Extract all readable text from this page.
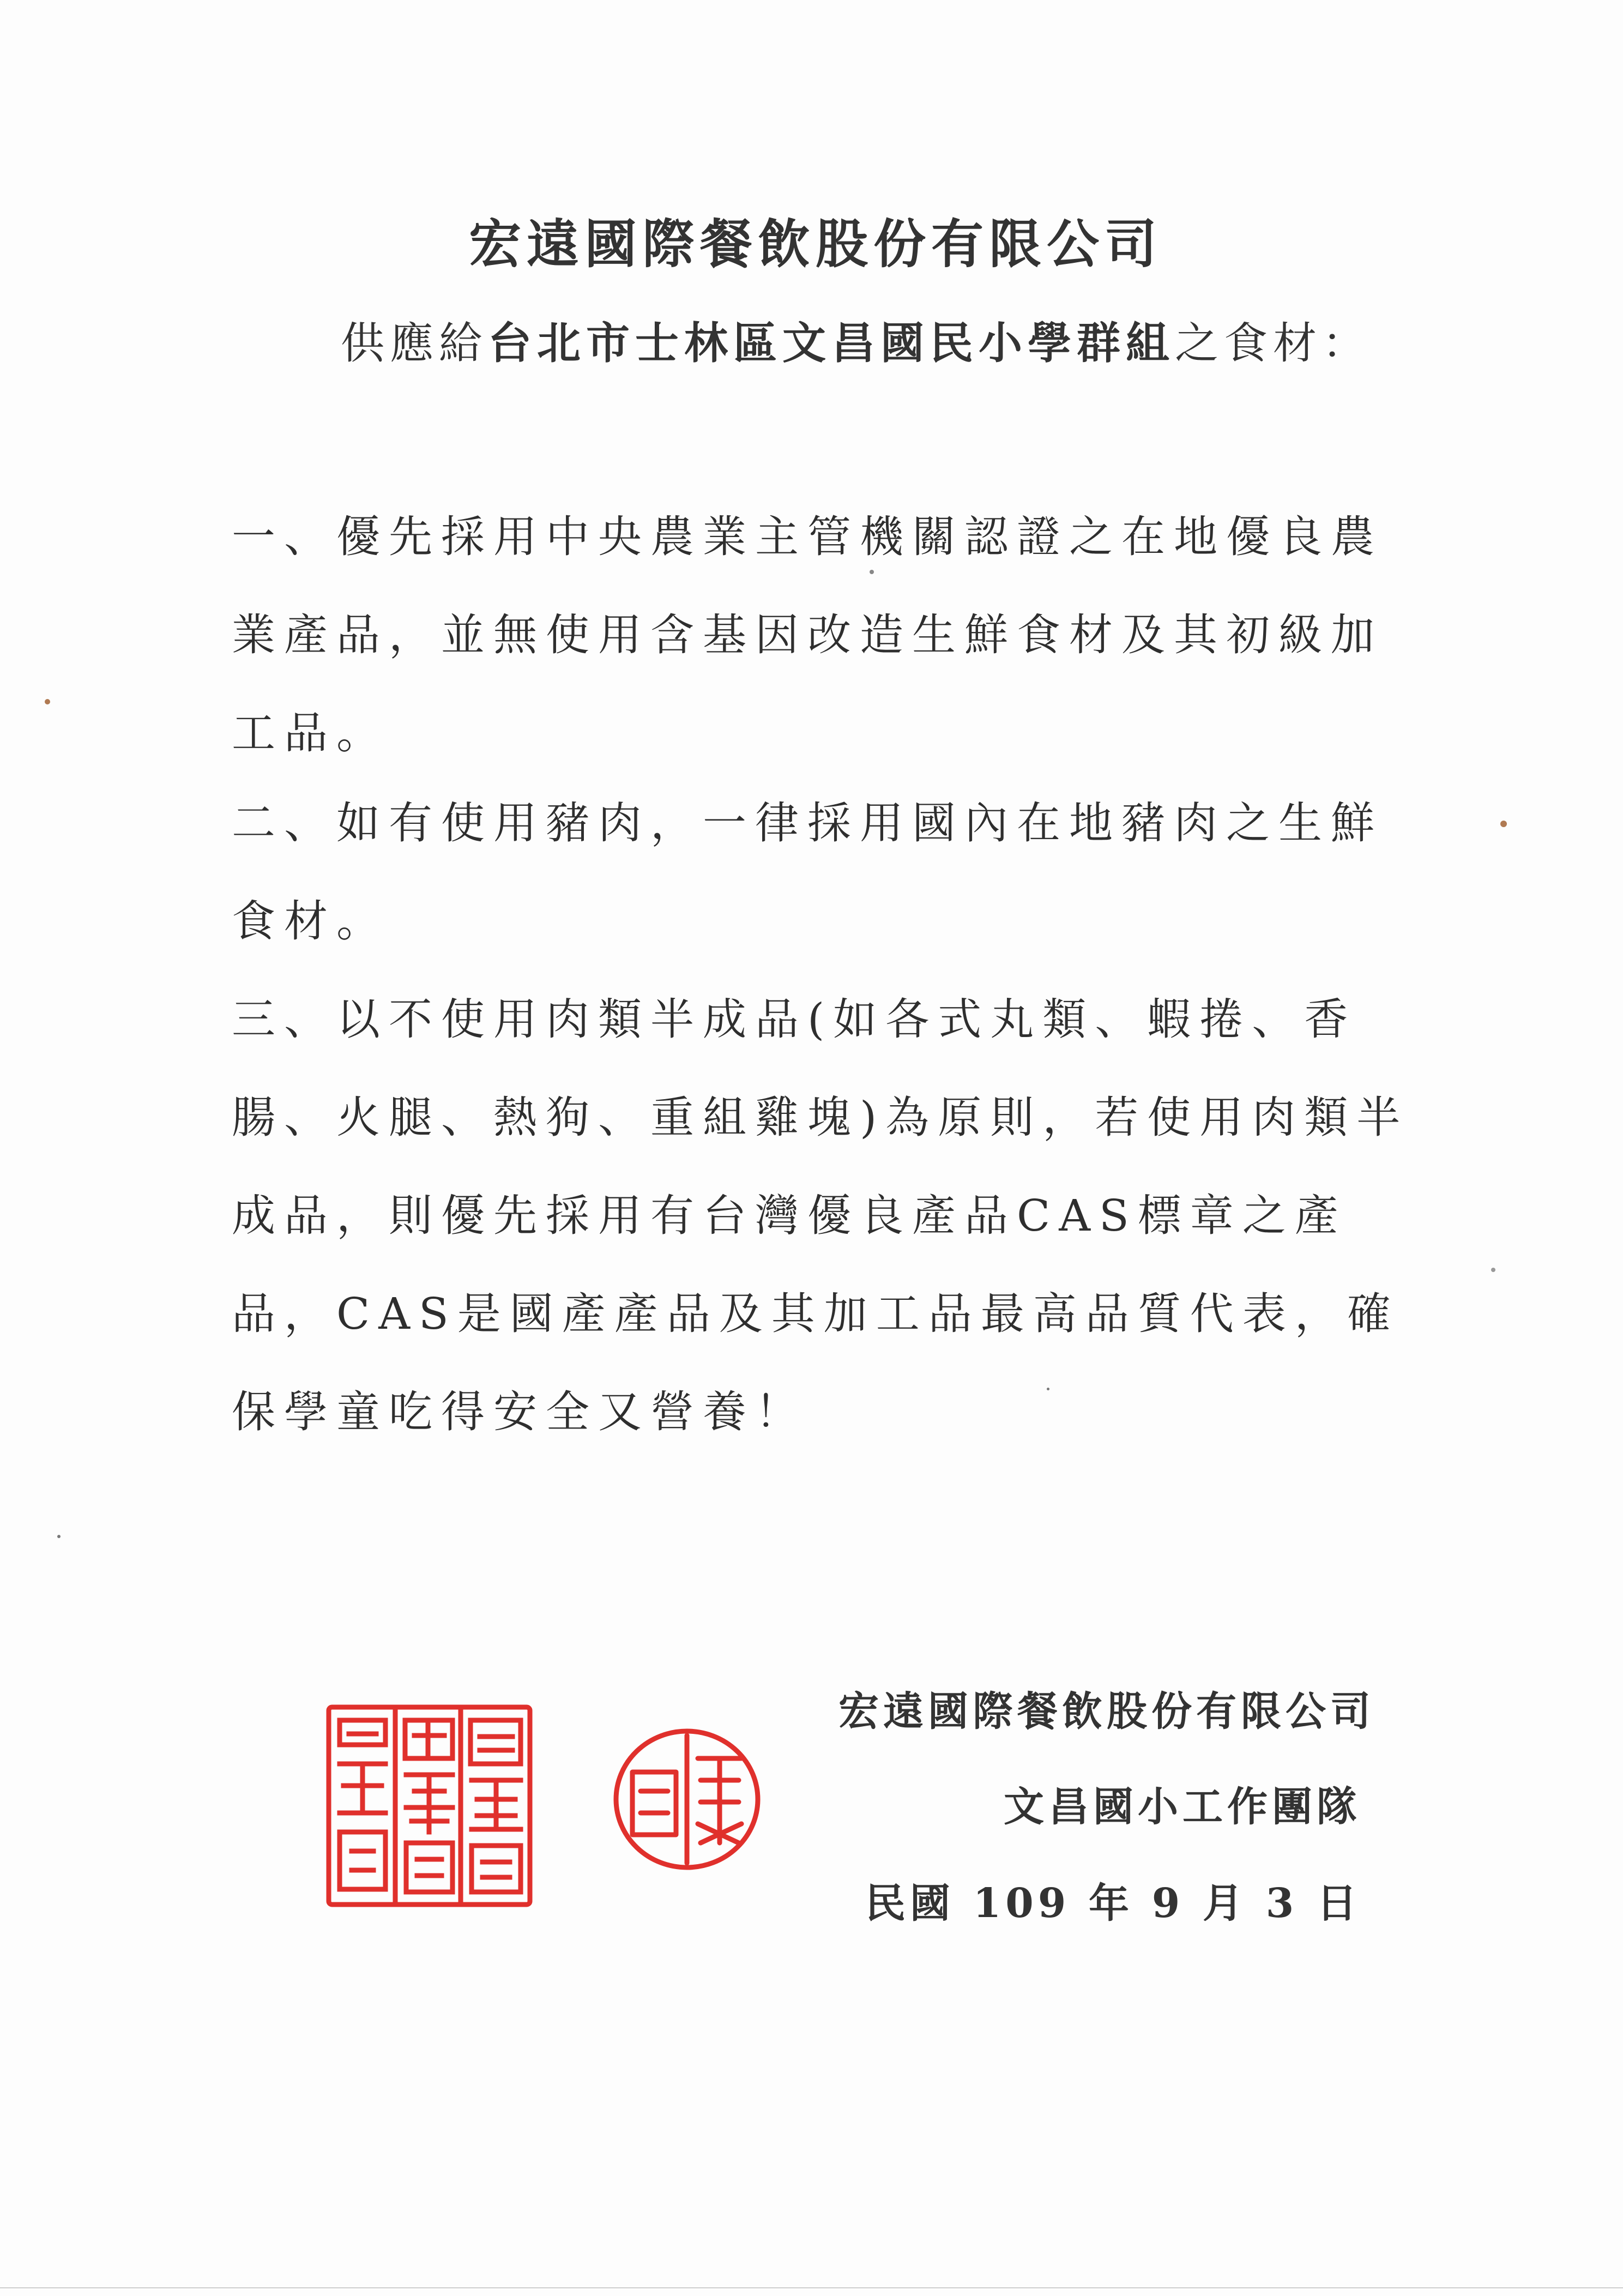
宏遠國際餐飲股份有限公司
供應給台北市士林區文昌國民小學群組之食材：
一、優先採用中央農業主管機關認證之在地優良農業產品，並無使用含基因改造生鮮食材及其初級加工品。
二、如有使用豬肉，一律採用國內在地豬肉之生鮮食材。
三、以不使用肉類半成品(如各式丸類、蝦捲、香腸、火腿、熱狗、重組雞塊)為原則，若使用肉類半成品，則優先採用有台灣優良產品CAS標章之產品，CAS是國產產品及其加工品最高品質代表，確保學童吃得安全又營養！
宏遠國際餐飲股份有限公司
文昌國小工作團隊
民國 109 年 9 月 3 日
